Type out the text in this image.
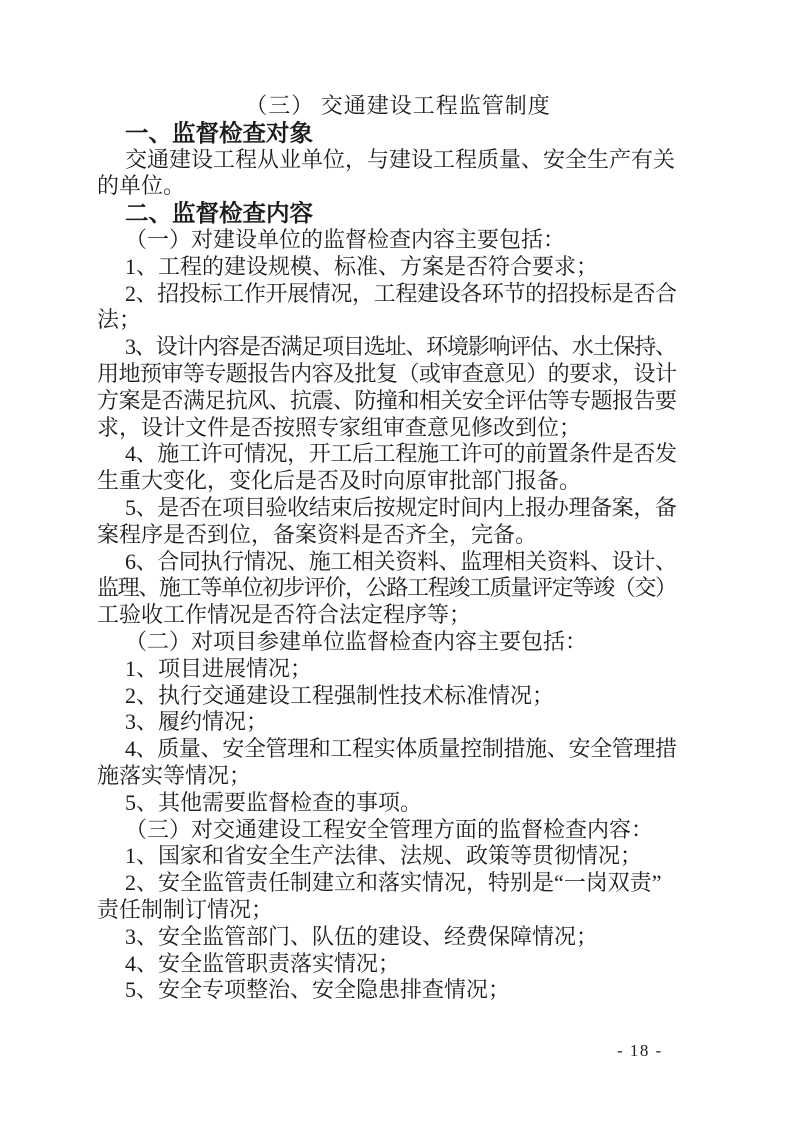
（三） 交通建设工程监管制度
一、监督检查对象
交通建设工程从业单位，与建设工程质量、安全生产有关
的单位。
二、监督检查内容
（一）对建设单位的监督检查内容主要包括：
1、工程的建设规模、标准、方案是否符合要求；
2、招投标工作开展情况，工程建设各环节的招投标是否合
法；
3、设计内容是否满足项目选址、环境影响评估、水土保持、
用地预审等专题报告内容及批复（或审查意见）的要求，设计
方案是否满足抗风、抗震、防撞和相关安全评估等专题报告要
求，设计文件是否按照专家组审查意见修改到位；
4、施工许可情况，开工后工程施工许可的前置条件是否发
生重大变化，变化后是否及时向原审批部门报备。
5、是否在项目验收结束后按规定时间内上报办理备案，备
案程序是否到位，备案资料是否齐全，完备。
6、合同执行情况、施工相关资料、监理相关资料、设计、
监理、施工等单位初步评价，公路工程竣工质量评定等竣（交）
工验收工作情况是否符合法定程序等；
（二）对项目参建单位监督检查内容主要包括：
1、项目进展情况；
2、执行交通建设工程强制性技术标准情况；
3、履约情况；
4、质量、安全管理和工程实体质量控制措施、安全管理措
施落实等情况；
5、其他需要监督检查的事项。
（三）对交通建设工程安全管理方面的监督检查内容：
1、国家和省安全生产法律、法规、政策等贯彻情况；
2、安全监管责任制建立和落实情况，特别是“一岗双责”
责任制制订情况；
3、安全监管部门、队伍的建设、经费保障情况；
4、安全监管职责落实情况；
5、安全专项整治、安全隐患排查情况；
- 18 -
